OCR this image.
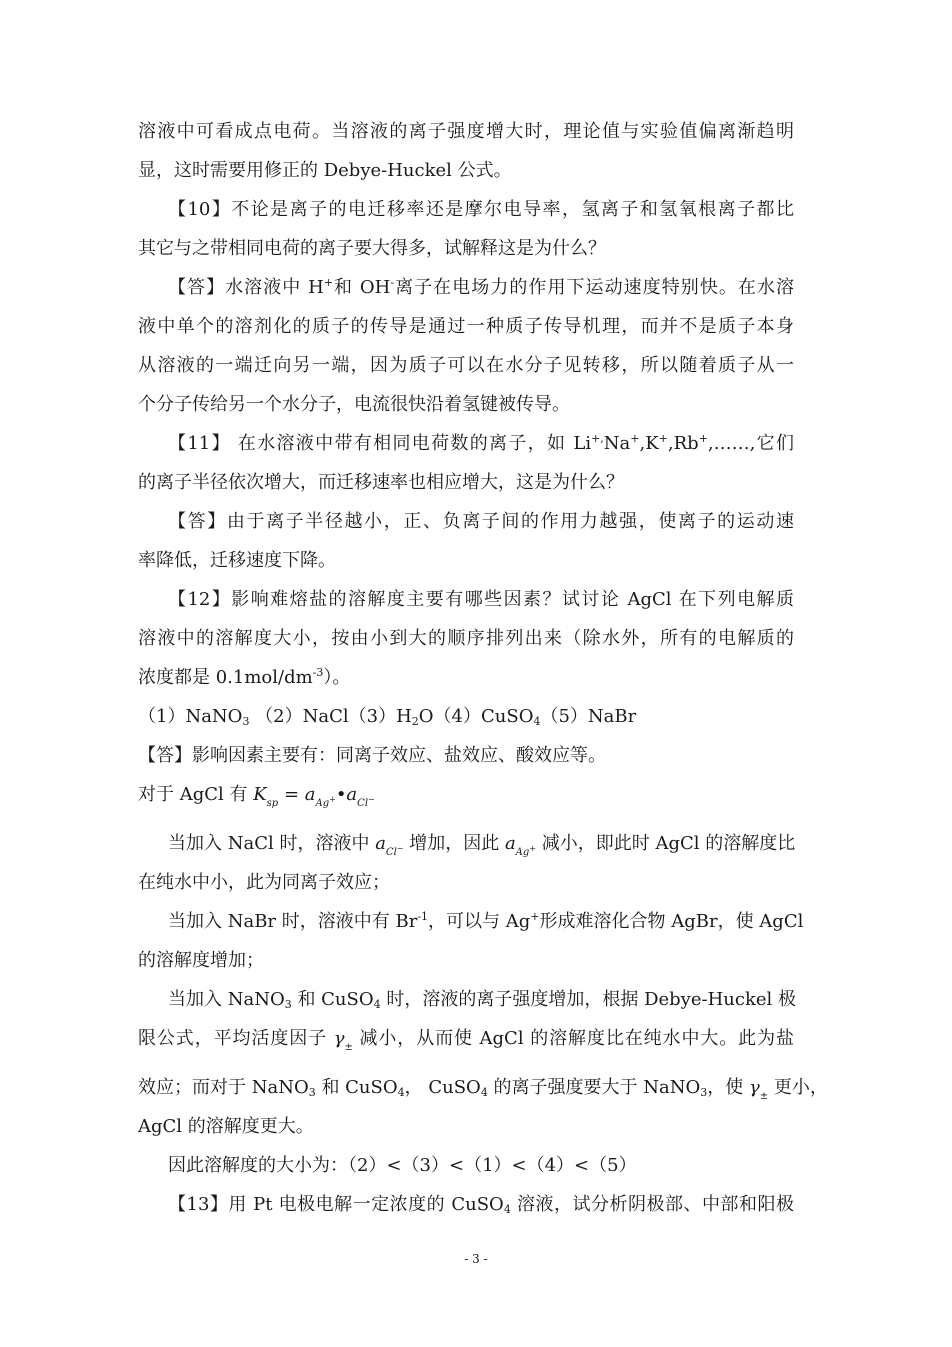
溶液中可看成点电荷。当溶液的离子强度增大时，理论值与实验值偏离渐趋明

显，这时需要用修正的 Debye-Huckel 公式。

【10】不论是离子的电迁移率还是摩尔电导率，氢离子和氢氧根离子都比

其它与之带相同电荷的离子要大得多，试解释这是为什么？

【答】水溶液中 H+和 OH-离子在电场力的作用下运动速度特别快。在水溶

液中单个的溶剂化的质子的传导是通过一种质子传导机理，而并不是质子本身

从溶液的一端迁向另一端，因为质子可以在水分子见转移，所以随着质子从一

个分子传给另一个水分子，电流很快沿着氢键被传导。

【11】 在水溶液中带有相同电荷数的离子，如 Li+,Na+,K+,Rb+,……,它们

的离子半径依次增大，而迁移速率也相应增大，这是为什么？

【答】由于离子半径越小，正、负离子间的作用力越强，使离子的运动速

率降低，迁移速度下降。

【12】影响难熔盐的溶解度主要有哪些因素？试讨论 AgCl 在下列电解质

溶液中的溶解度大小，按由小到大的顺序排列出来（除水外，所有的电解质的

浓度都是 $0.1mol/dm^{-3}$）。

（1）NaNO$_3$ $(2)NaCl(3)H_2O(4)CuSO_4(5)NaBr$

【答】影响因素主要有：同离子效应、盐效应、酸效应等。

对于 AgCl 有 $K_{sp}$ = $a_{Ag^+}•a_{Cl^-}$

当加入 NaCl 时，溶液中 $a_{Cl^-}$ 增加，因此 $a_{Ag^+}$ 减小，即此时 AgCl 的溶解度比

在纯水中小，此为同离子效应；

当加入 NaBr 时，溶液中有 $Br^{-1}$，可以与 Ag+形成难溶化合物 AgBr，使 AgCl

的溶解度增加；

当加入 NaNO$_3$ 和 CuSO$_4$ 时，溶液的离子强度增加，根据 Debye-Huckel 极

限公式，平均活度因子 $\gamma_\pm$ 减小，从而使 AgCl 的溶解度比在纯水中大。此为盐

效应；而对于 NaNO$_3$ 和 CuSO$_4$， CuSO$_4$ 的离子强度要大于 NaNO$_3$，使 $\gamma_\pm$ 更小，

AgCl 的溶解度更大。

因此溶解度的大小为：（2）<（3）<（1）<（4）<（5）

【13】用 Pt 电极电解一定浓度的 CuSO$_4$ 溶液，试分析阴极部、中部和阳极

- 3 -
